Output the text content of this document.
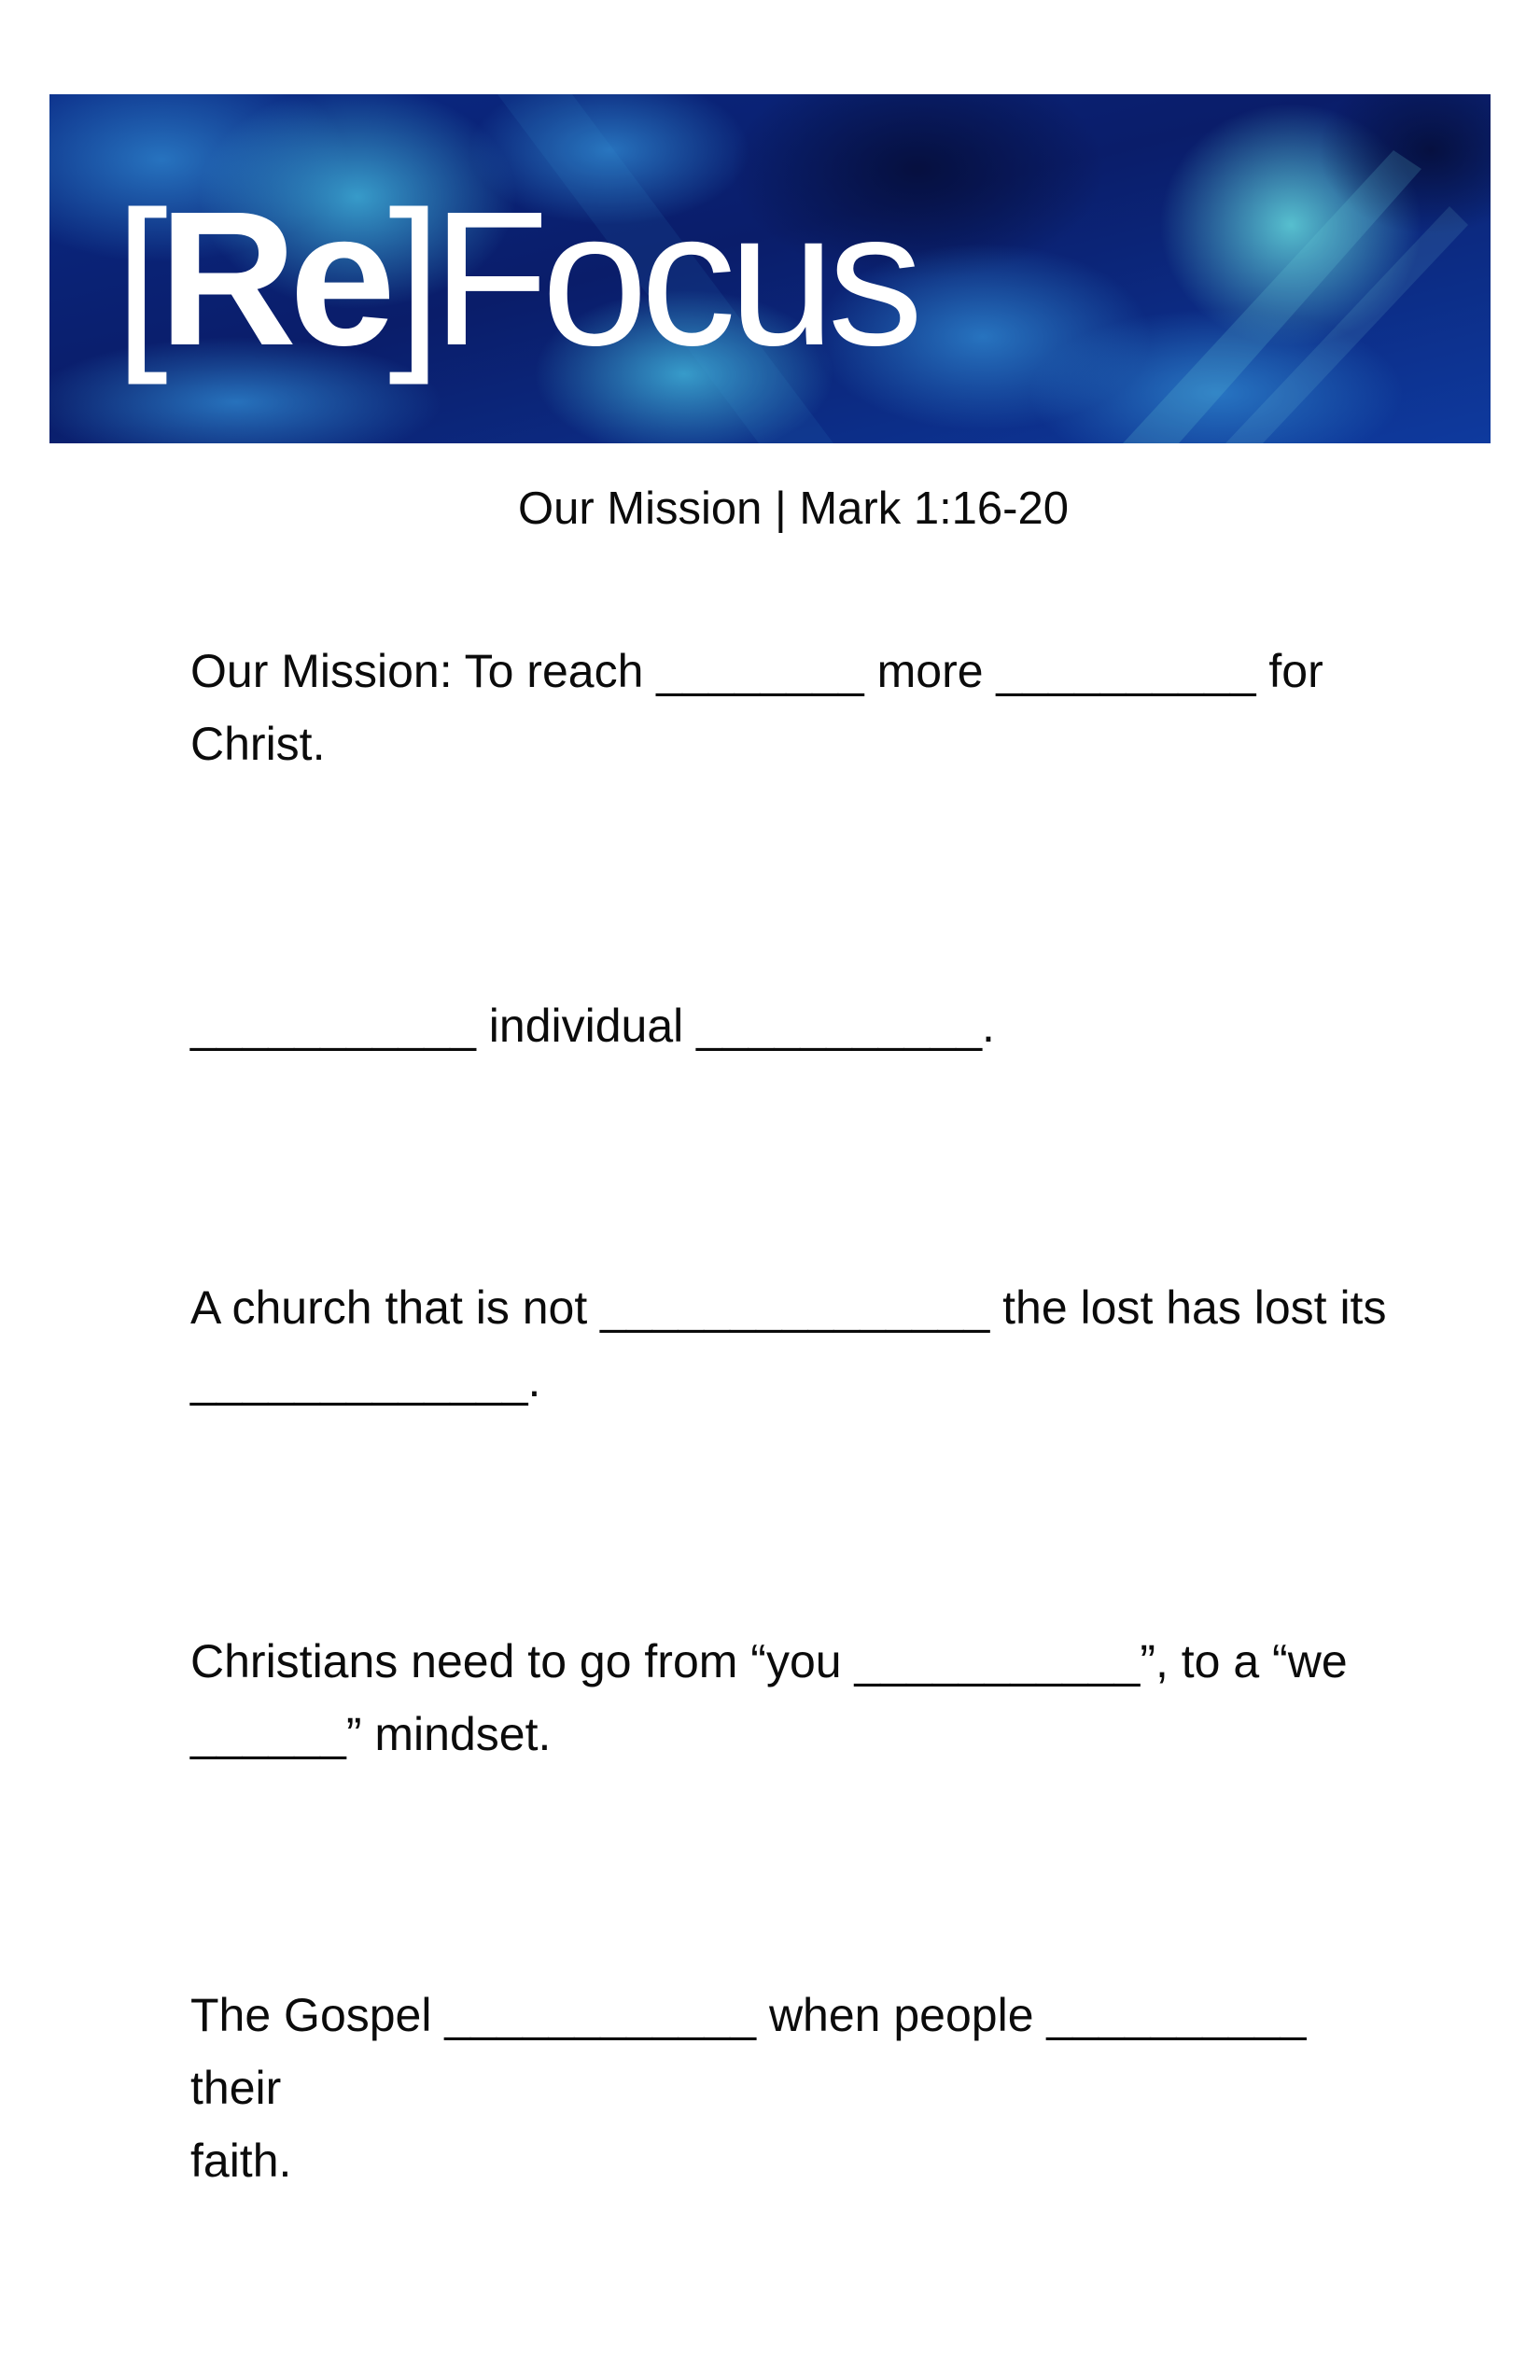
[Re]Focus
Our Mission | Mark 1:16-20

Our Mission: To reach ________ more __________ for
Christ.

___________ individual ___________.

A church that is not _______________ the lost has lost its
_____________.

Christians need to go from “you ___________”, to a “we
______” mindset.

The Gospel ____________ when people __________ their
faith.
